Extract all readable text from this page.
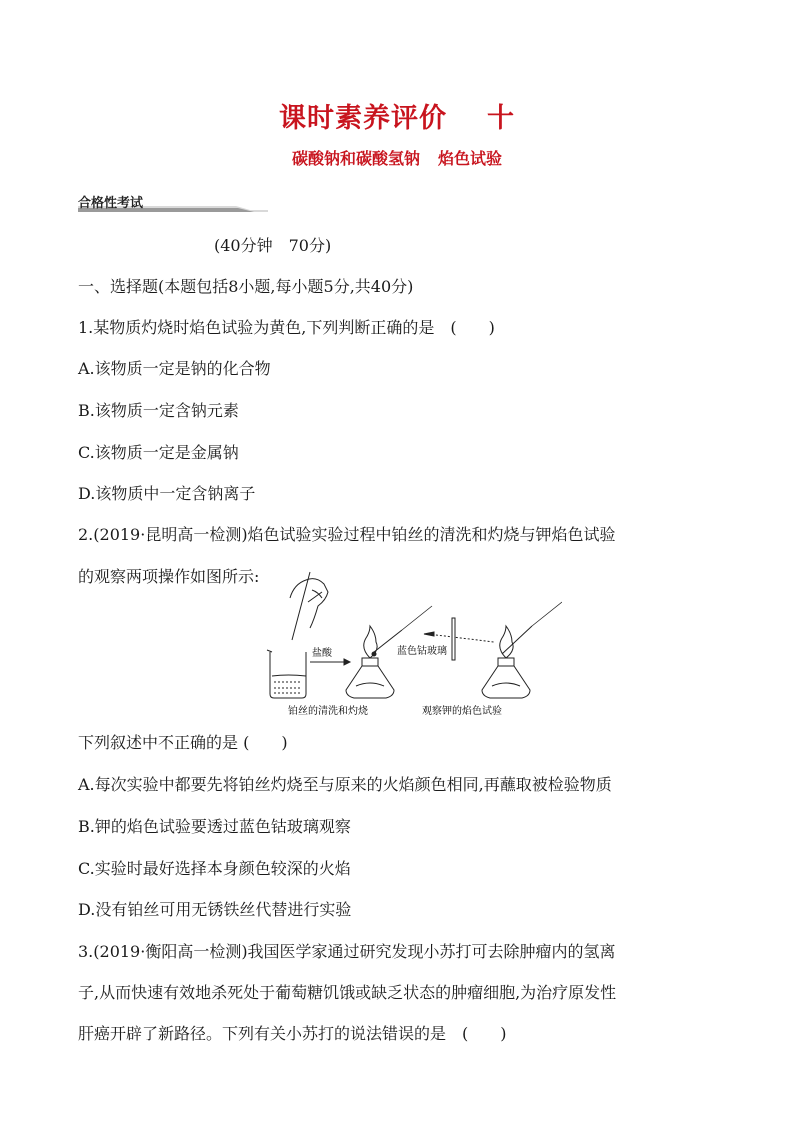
课时素养评价 十
碳酸钠和碳酸氢钠 焰色试验
合格性考试
(40分钟　70分)
一、选择题(本题包括8小题,每小题5分,共40分)
1.某物质灼烧时焰色试验为黄色,下列判断正确的是　(　　)
A.该物质一定是钠的化合物
B.该物质一定含钠元素
C.该物质一定是金属钠
D.该物质中一定含钠离子
2.(2019·昆明高一检测)焰色试验实验过程中铂丝的清洗和灼烧与钾焰色试验
的观察两项操作如图所示:
盐酸	蓝色钴玻璃
铂丝的清洗和灼烧	观察钾的焰色试验
下列叙述中不正确的是 (　　)
A.每次实验中都要先将铂丝灼烧至与原来的火焰颜色相同,再蘸取被检验物质
B.钾的焰色试验要透过蓝色钴玻璃观察
C.实验时最好选择本身颜色较深的火焰
D.没有铂丝可用无锈铁丝代替进行实验
3.(2019·衡阳高一检测)我国医学家通过研究发现小苏打可去除肿瘤内的氢离
子,从而快速有效地杀死处于葡萄糖饥饿或缺乏状态的肿瘤细胞,为治疗原发性
肝癌开辟了新路径。下列有关小苏打的说法错误的是　(　　)
